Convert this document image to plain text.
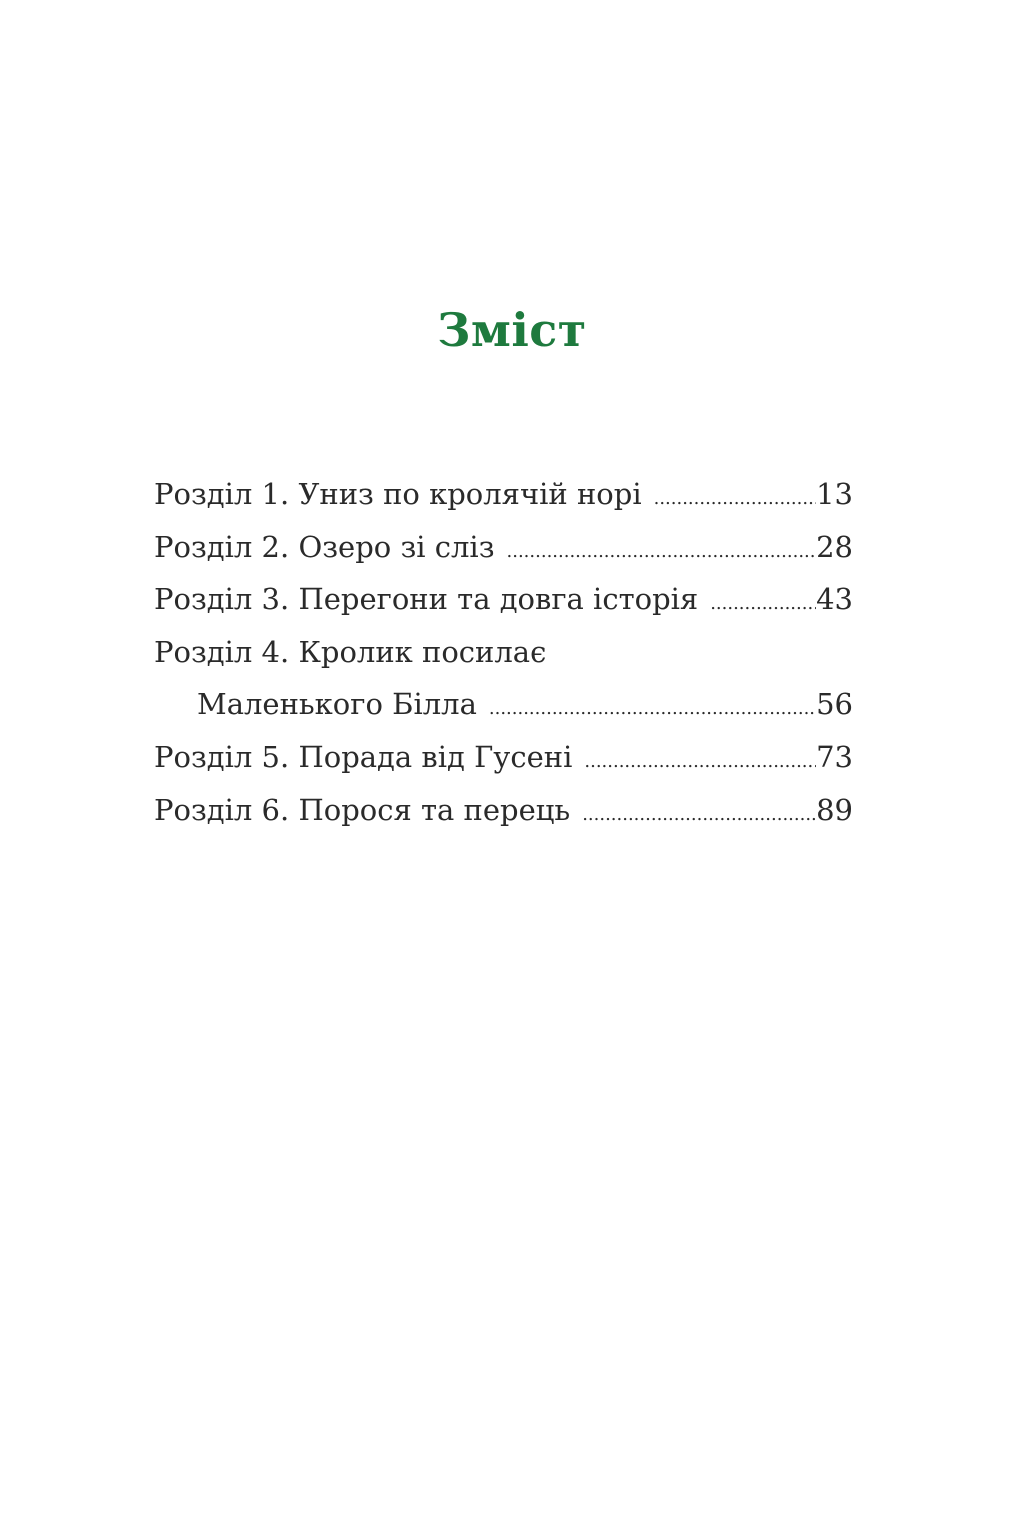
Зміст
Розділ 1. Униз по кролячій норі .....	13
Розділ 2. Озеро зі сліз .....	28
Розділ 3. Перегони та довга історія .....	43
Розділ 4. Кролик посилає
Маленького Білла .....	56
Розділ 5. Порада від Гусені .....	73
Розділ 6. Порося та перець .....	89
